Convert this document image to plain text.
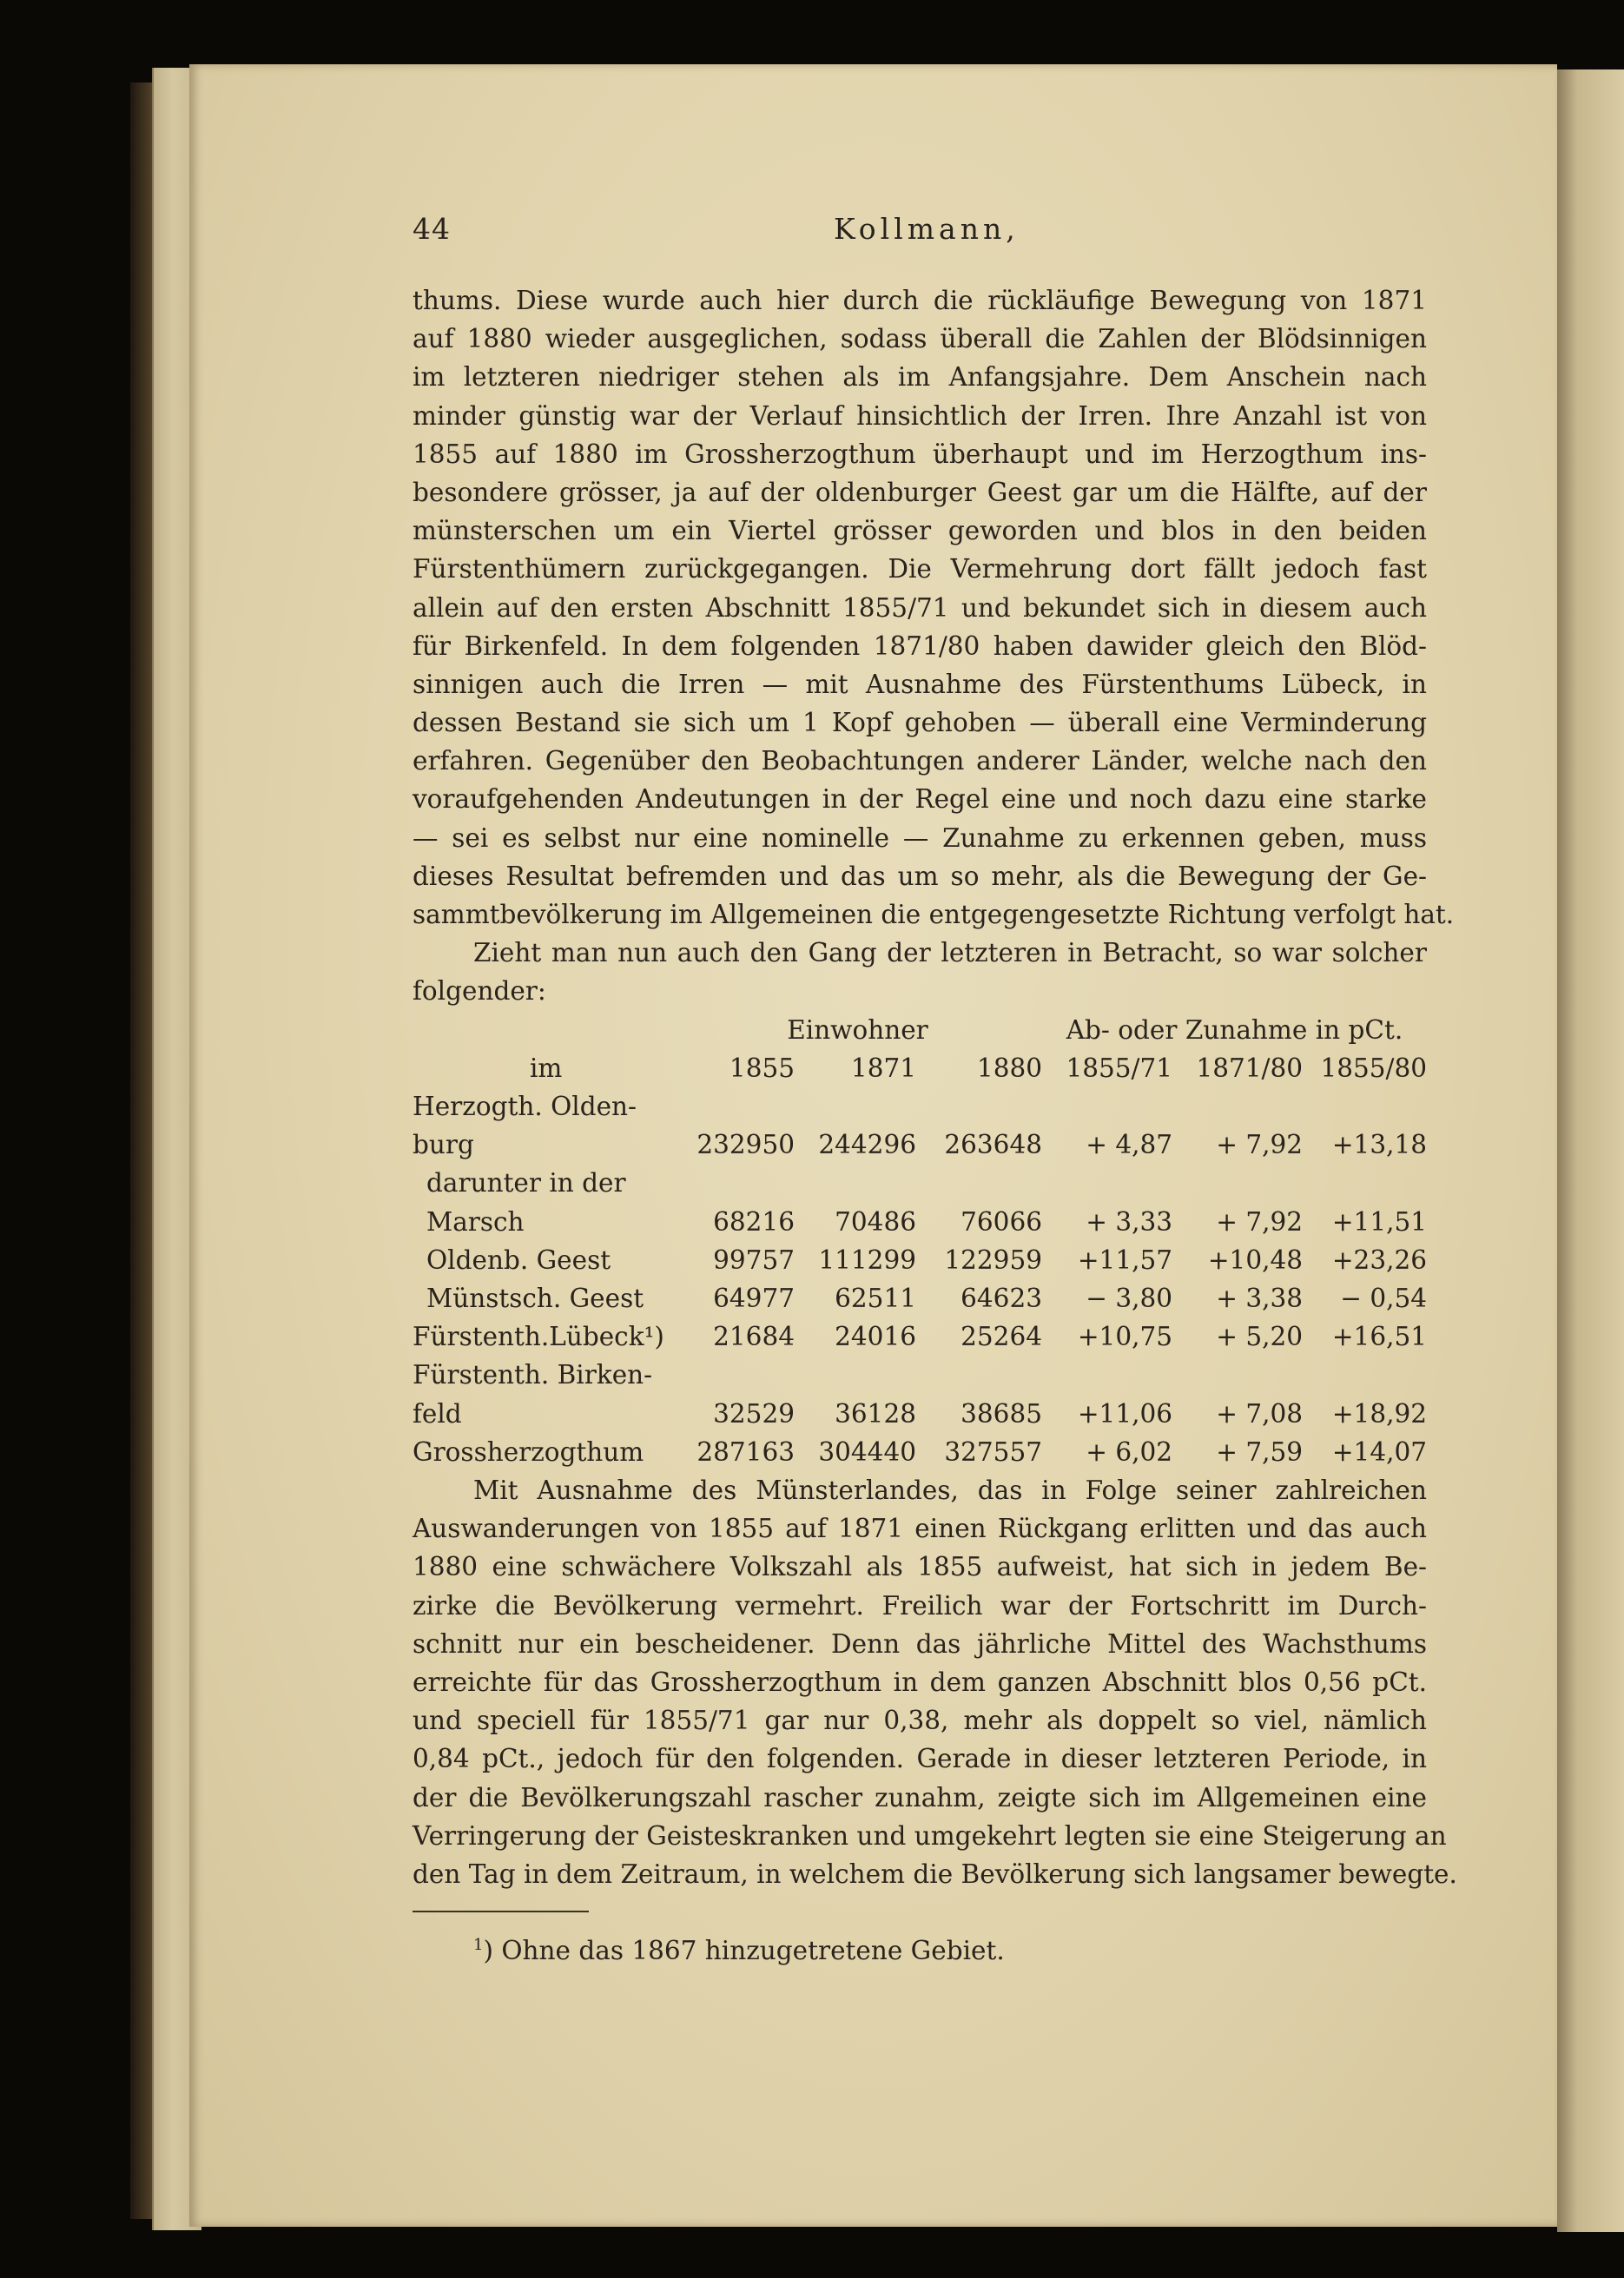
44	Kollmann,
thums. Diese wurde auch hier durch die rückläufige Bewegung von 1871
auf 1880 wieder ausgeglichen, sodass überall die Zahlen der Blödsinnigen
im letzteren niedriger stehen als im Anfangsjahre. Dem Anschein nach
minder günstig war der Verlauf hinsichtlich der Irren. Ihre Anzahl ist von
1855 auf 1880 im Grossherzogthum überhaupt und im Herzogthum ins-
besondere grösser, ja auf der oldenburger Geest gar um die Hälfte, auf der
münsterschen um ein Viertel grösser geworden und blos in den beiden
Fürstenthümern zurückgegangen. Die Vermehrung dort fällt jedoch fast
allein auf den ersten Abschnitt 1855/71 und bekundet sich in diesem auch
für Birkenfeld. In dem folgenden 1871/80 haben dawider gleich den Blöd-
sinnigen auch die Irren — mit Ausnahme des Fürstenthums Lübeck, in
dessen Bestand sie sich um 1 Kopf gehoben — überall eine Verminderung
erfahren. Gegenüber den Beobachtungen anderer Länder, welche nach den
voraufgehenden Andeutungen in der Regel eine und noch dazu eine starke
— sei es selbst nur eine nominelle — Zunahme zu erkennen geben, muss
dieses Resultat befremden und das um so mehr, als die Bewegung der Ge-
sammtbevölkerung im Allgemeinen die entgegengesetzte Richtung verfolgt hat.
Zieht man nun auch den Gang der letzteren in Betracht, so war solcher
folgender:
	Einwohner			Ab- oder Zunahme in pCt.		
im	1855	1871	1880	1855/71	1871/80	1855/80
Herzogth. Olden-						
burg	232950	244296	263648	+ 4,87	+ 7,92	+13,18
darunter in der						
Marsch	68216	70486	76066	+ 3,33	+ 7,92	+11,51
Oldenb. Geest	99757	111299	122959	+11,57	+10,48	+23,26
Münstsch. Geest	64977	62511	64623	− 3,80	+ 3,38	− 0,54
Fürstenth.Lübeck¹)	21684	24016	25264	+10,75	+ 5,20	+16,51
Fürstenth. Birken-						
feld	32529	36128	38685	+11,06	+ 7,08	+18,92
Grossherzogthum	287163	304440	327557	+ 6,02	+ 7,59	+14,07
Mit Ausnahme des Münsterlandes, das in Folge seiner zahlreichen
Auswanderungen von 1855 auf 1871 einen Rückgang erlitten und das auch
1880 eine schwächere Volkszahl als 1855 aufweist, hat sich in jedem Be-
zirke die Bevölkerung vermehrt. Freilich war der Fortschritt im Durch-
schnitt nur ein bescheidener. Denn das jährliche Mittel des Wachsthums
erreichte für das Grossherzogthum in dem ganzen Abschnitt blos 0,56 pCt.
und speciell für 1855/71 gar nur 0,38, mehr als doppelt so viel, nämlich
0,84 pCt., jedoch für den folgenden. Gerade in dieser letzteren Periode, in
der die Bevölkerungszahl rascher zunahm, zeigte sich im Allgemeinen eine
Verringerung der Geisteskranken und umgekehrt legten sie eine Steigerung an
den Tag in dem Zeitraum, in welchem die Bevölkerung sich langsamer bewegte.
$^1$) Ohne das 1867 hinzugetretene Gebiet.
